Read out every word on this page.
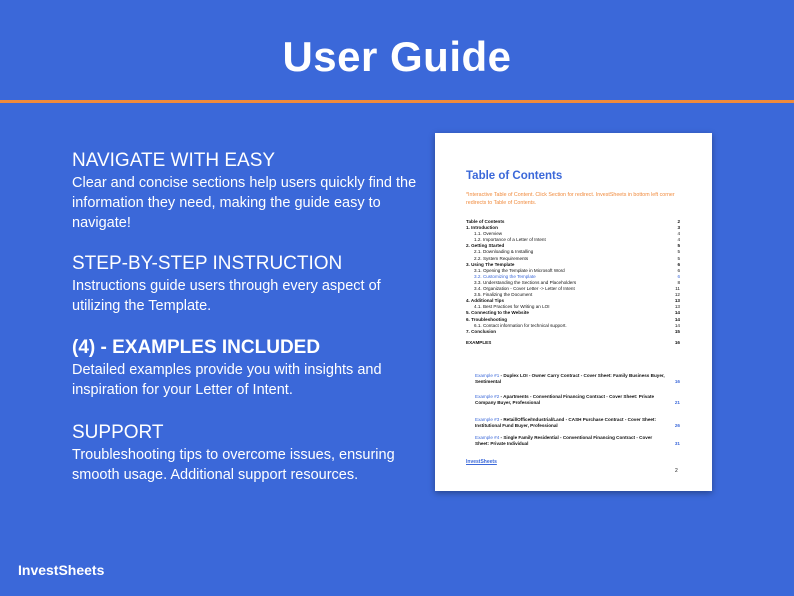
User Guide
NAVIGATE WITH EASY

Clear and concise sections help users quickly find the information they need, making the guide easy to navigate!

STEP-BY-STEP INSTRUCTION

Instructions guide users through every aspect of utilizing the Template.

(4) - EXAMPLES INCLUDED

Detailed examples provide you with insights and inspiration for your Letter of Intent.

SUPPORT

Troubleshooting tips to overcome issues, ensuring smooth usage. Additional support resources.

InvestSheets
Table of Contents
*Interactive Table of Content. Click Section for redirect. InvestSheets in bottom left corner redirects to Table of Contents.
Table of Contents	2
1. Introduction	3
1.1. Overview	4
1.2. Importance of a Letter of Intent	4
2. Getting Started	5
2.1. Downloading & Installing	5
2.2. System Requirements	5
3. Using The Template	6
3.1. Opening the Template in Microsoft Word	6
3.2. Customizing the Template	6
3.3. Understanding the Sections and Placeholders	8
3.4. Organization - Cover Letter -> Letter of Intent	11
3.5. Finalizing the Document	12
4. Additional Tips	13
4.1. Best Practices for Writing an LOI	13
5. Connecting to the Website	14
6. Troubleshooting	14
6.1. Contact information for technical support.	14
7. Conclusion	15
EXAMPLES	16
Example #1 - Duplex LOI - Owner Carry Contract - Cover Sheet: Family Business Buyer, Sentimental	16
Example #2 - Apartments - Conventional Financing Contract - Cover Sheet: Private Company Buyer, Professional	21
Example #3 - Retail/Office/Industrial/Land - CASH Purchase Contract - Cover Sheet: Institutional Fund Buyer, Professional	26
Example #4 - Single Family Residential - Conventional Financing Contract - Cover Sheet: Private Individual	31
InvestSheets
2
